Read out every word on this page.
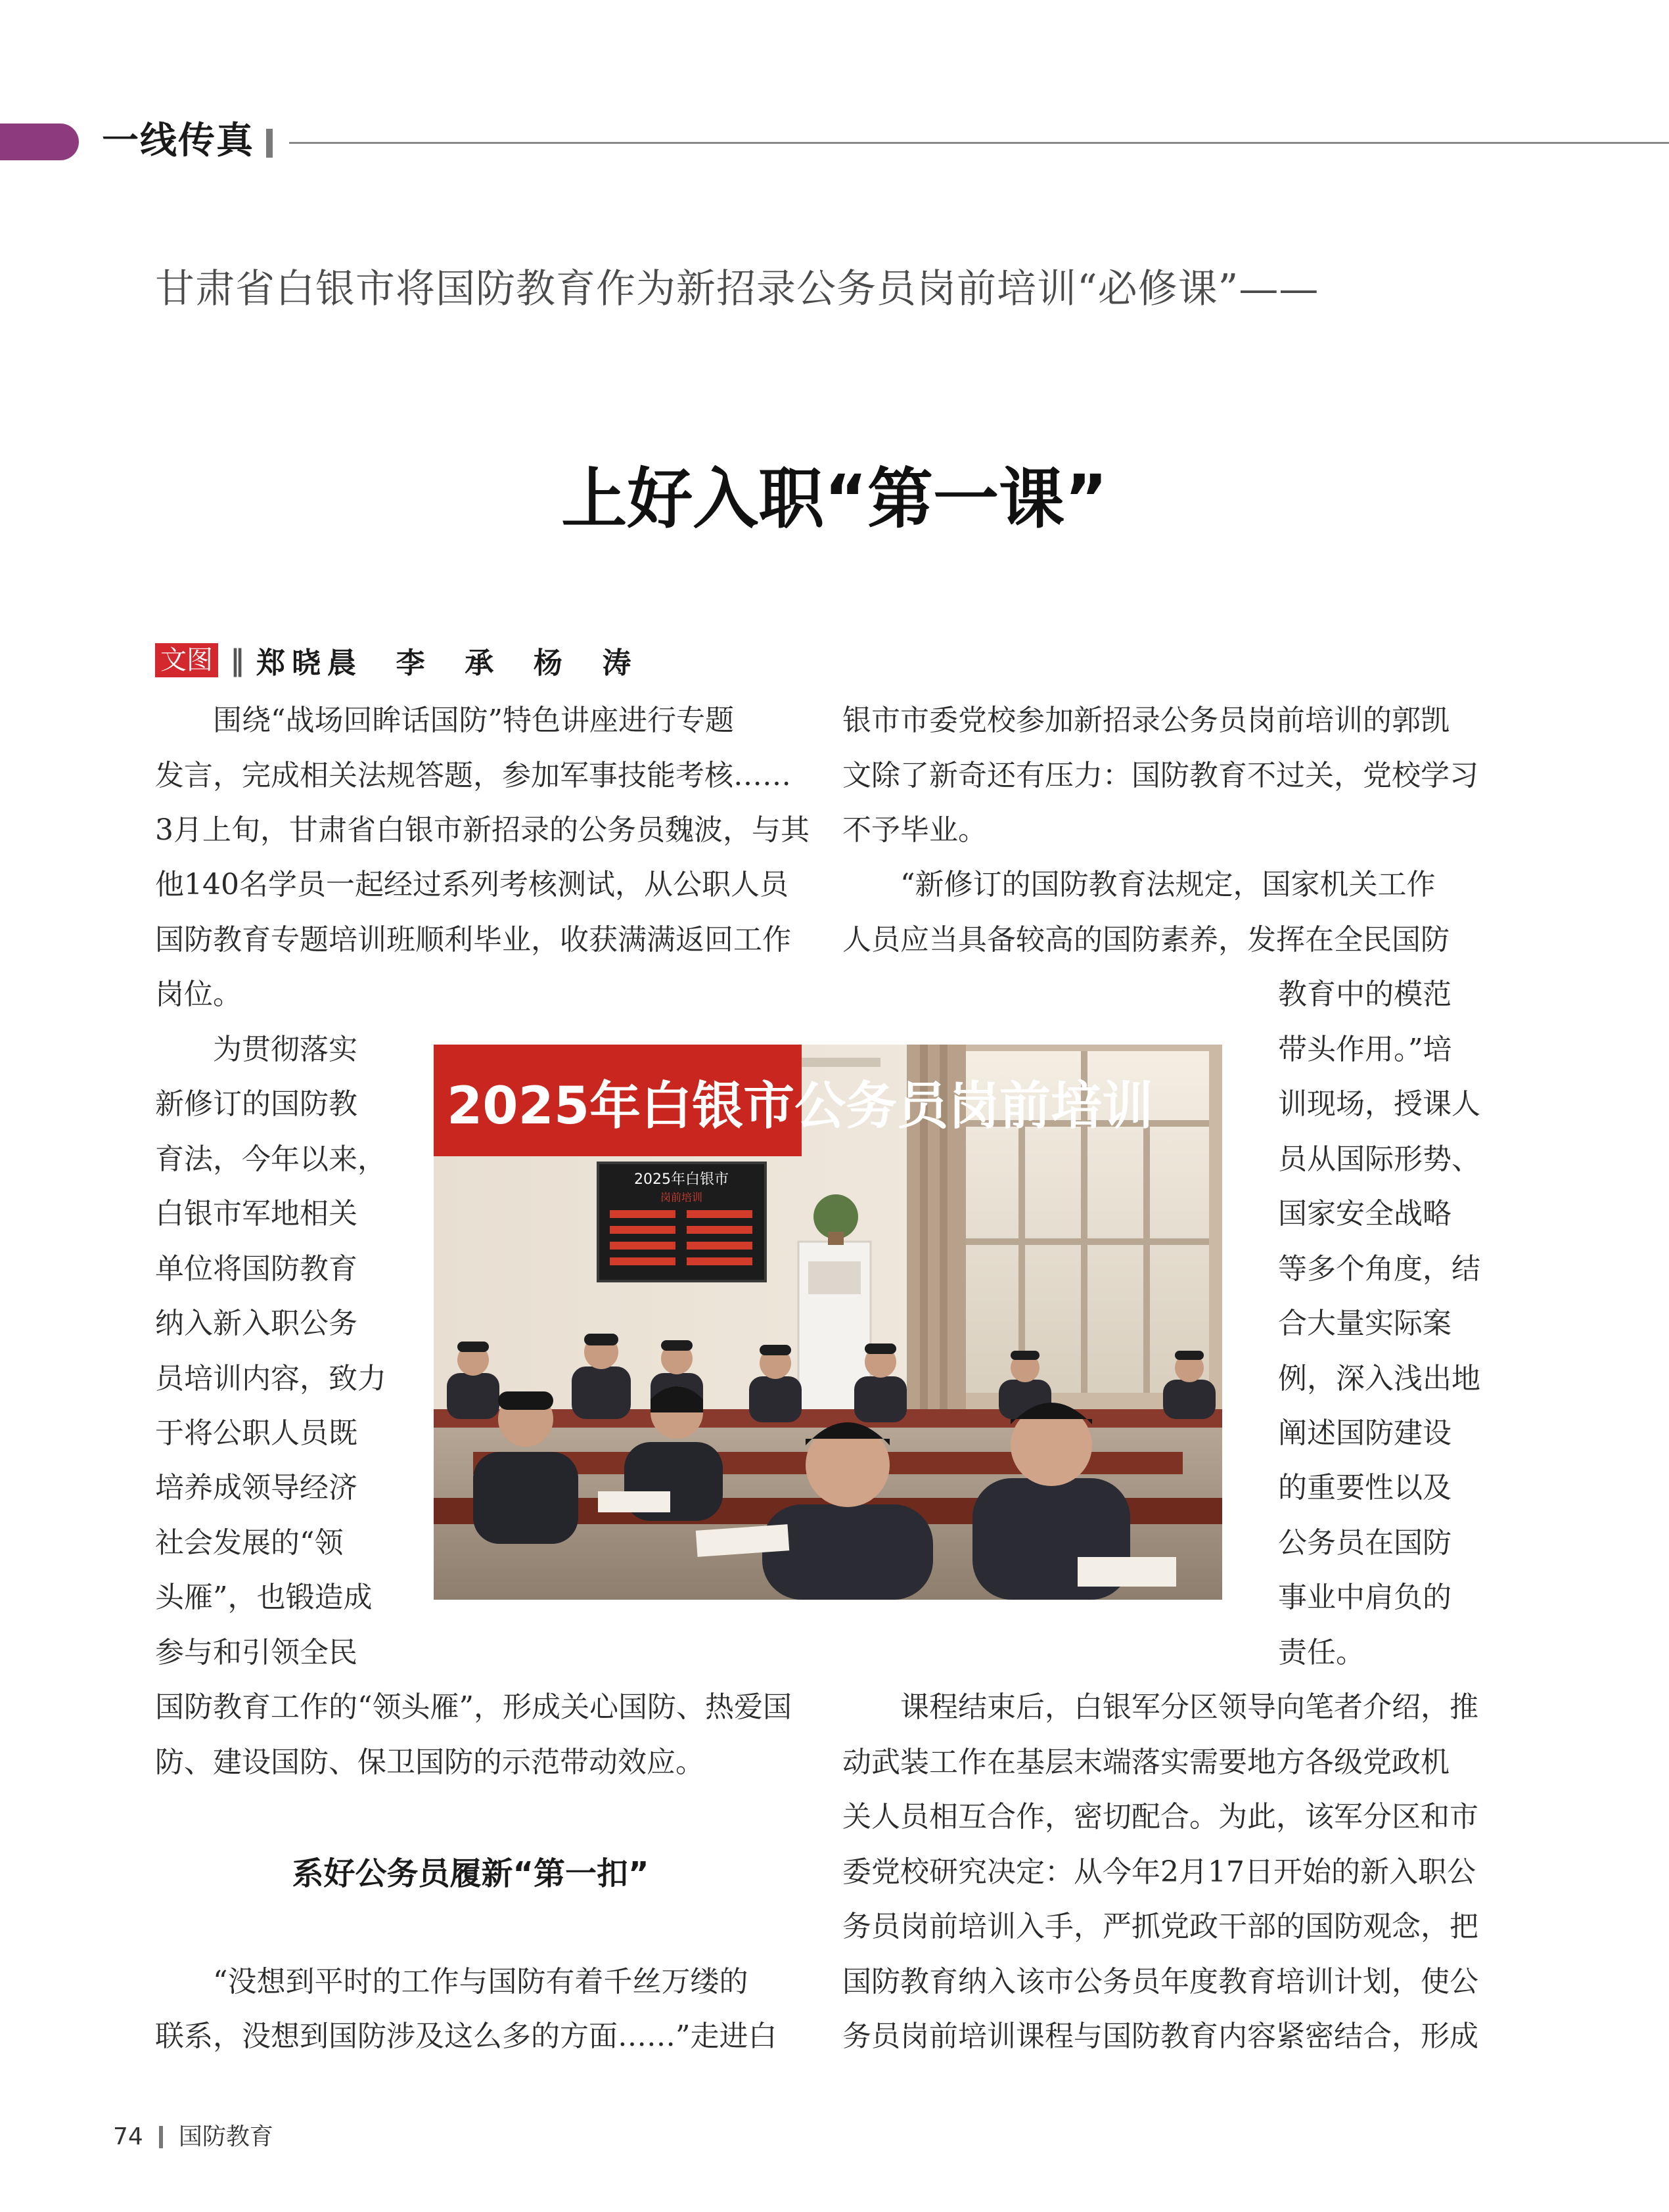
一线传真
甘肃省白银市将国防教育作为新招录公务员岗前培训“必修课”——
上好入职“第一课”
文图 ‖ 郑晓晨  李  承  杨  涛
　　围绕“战场回眸话国防”特色讲座进行专题
发言，完成相关法规答题，参加军事技能考核……
3月上旬，甘肃省白银市新招录的公务员魏波，与其
他140名学员一起经过系列考核测试，从公职人员
国防教育专题培训班顺利毕业，收获满满返回工作
岗位。
　　为贯彻落实
新修订的国防教
育法，今年以来，
白银市军地相关
单位将国防教育
纳入新入职公务
员培训内容，致力
于将公职人员既
培养成领导经济
社会发展的“领
头雁”，也锻造成
参与和引领全民
国防教育工作的“领头雁”，形成关心国防、热爱国
防、建设国防、保卫国防的示范带动效应。
系好公务员履新“第一扣”
　　“没想到平时的工作与国防有着千丝万缕的
联系，没想到国防涉及这么多的方面……”走进白
银市市委党校参加新招录公务员岗前培训的郭凯
文除了新奇还有压力：国防教育不过关，党校学习
不予毕业。
　　“新修订的国防教育法规定，国家机关工作
人员应当具备较高的国防素养，发挥在全民国防
教育中的模范
带头作用。”培
训现场，授课人
员从国际形势、
国家安全战略
等多个角度，结
合大量实际案
例，深入浅出地
阐述国防建设
的重要性以及
公务员在国防
事业中肩负的
责任。
　　课程结束后，白银军分区领导向笔者介绍，推
动武装工作在基层末端落实需要地方各级党政机
关人员相互合作，密切配合。为此，该军分区和市
委党校研究决定：从今年2月17日开始的新入职公
务员岗前培训入手，严抓党政干部的国防观念，把
国防教育纳入该市公务员年度教育培训计划，使公
务员岗前培训课程与国防教育内容紧密结合，形成
2025年白银市公务员岗前培训
2025年白银市
岗前培训
74 国防教育
